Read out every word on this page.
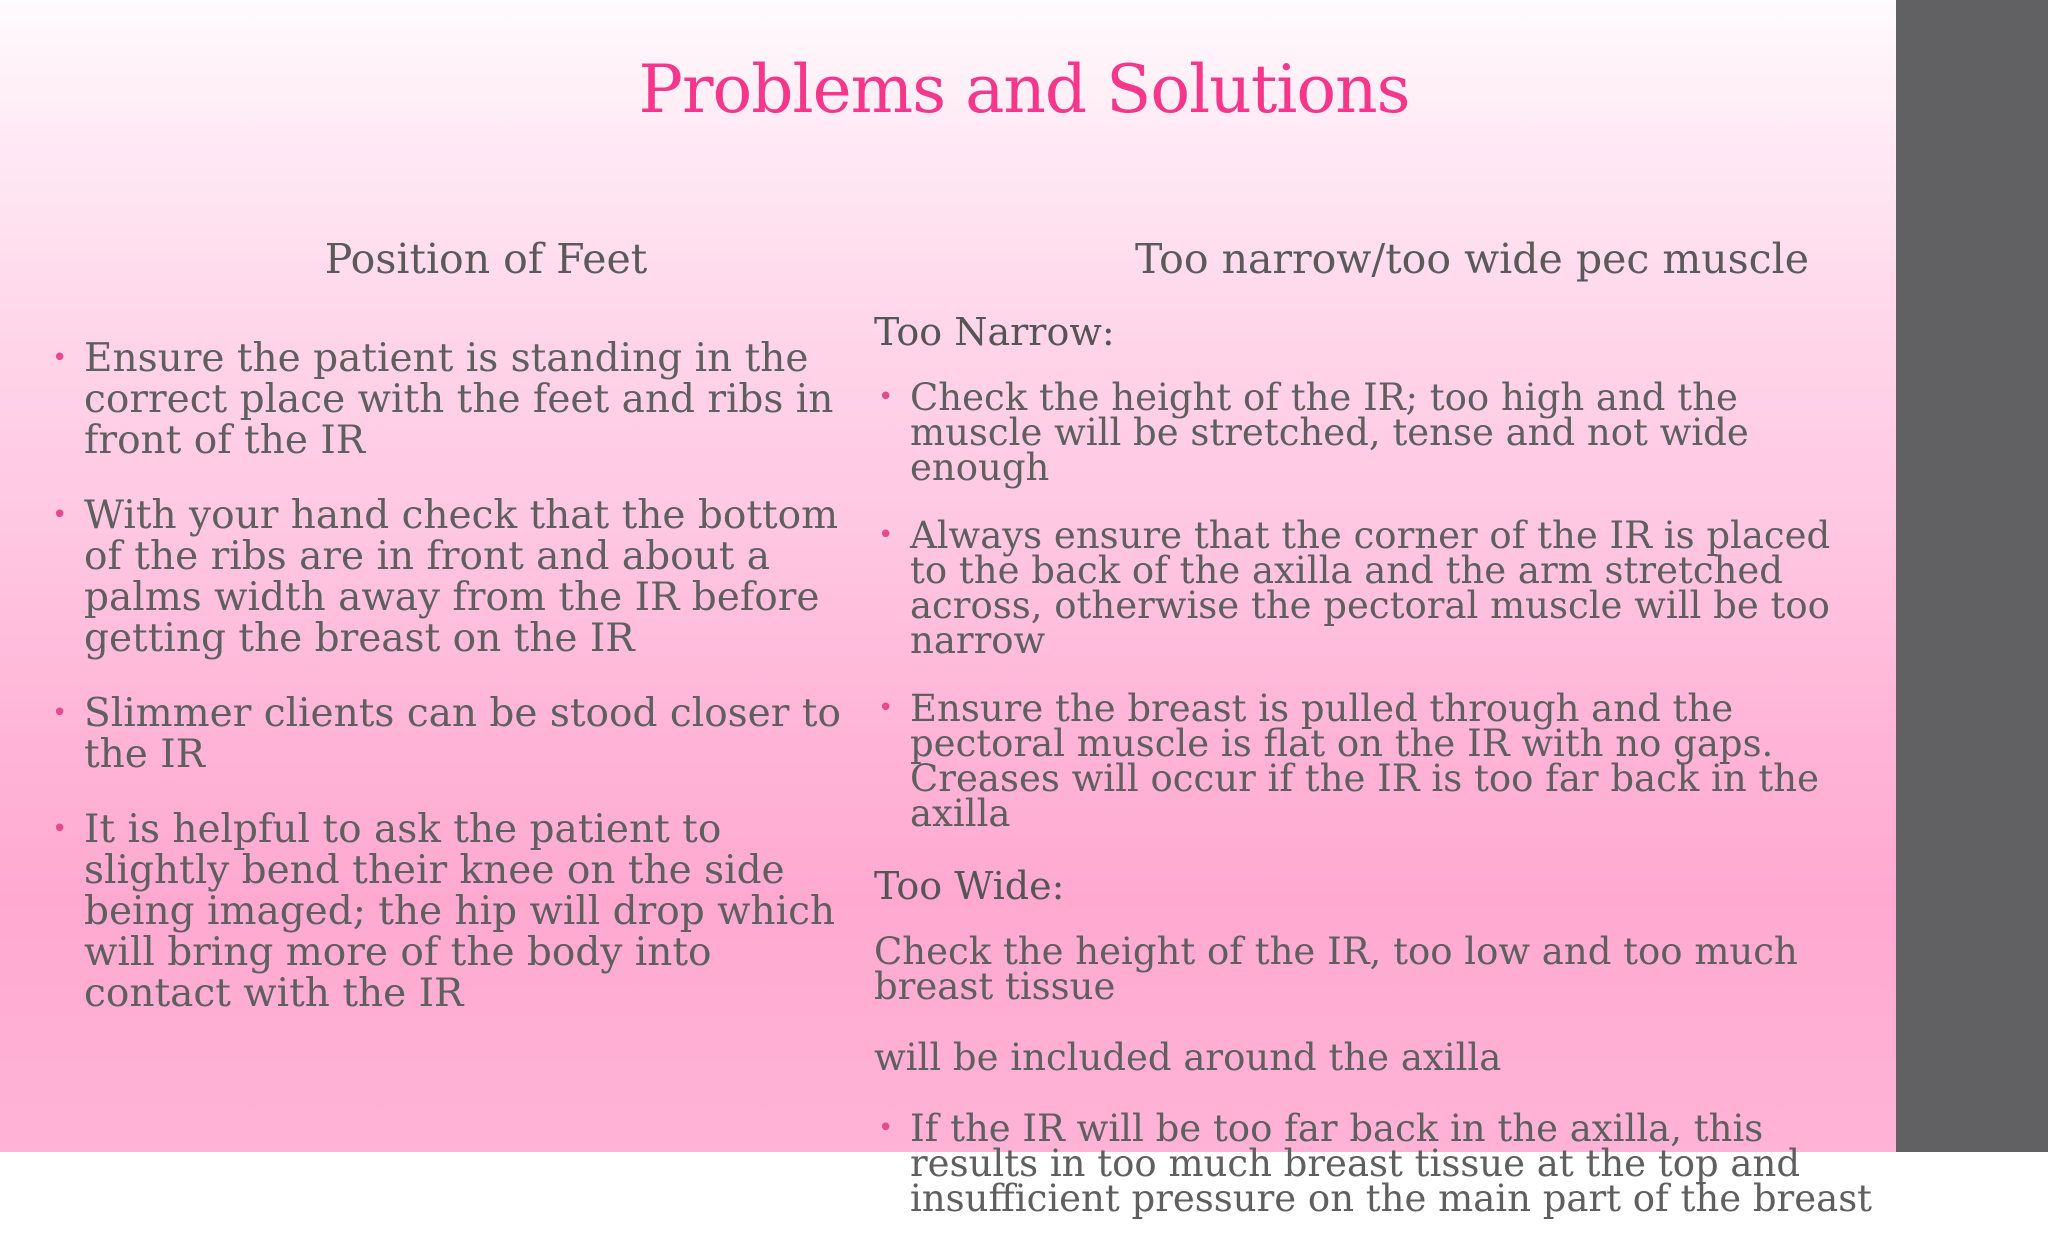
Problems and Solutions
Position of Feet	Too narrow/too wide pec muscle
• Ensure the patient is standing in the correct place with the feet and ribs in front of the IR
• With your hand check that the bottom of the ribs are in front and about a palms width away from the IR before getting the breast on the IR
• Slimmer clients can be stood closer to the IR
• It is helpful to ask the patient to slightly bend their knee on the side being imaged; the hip will drop which will bring more of the body into contact with the IR
Too Narrow:
• Check the height of the IR; too high and the muscle will be stretched, tense and not wide enough
• Always ensure that the corner of the IR is placed to the back of the axilla and the arm stretched across, otherwise the pectoral muscle will be too narrow
• Ensure the breast is pulled through and the pectoral muscle is flat on the IR with no gaps. Creases will occur if the IR is too far back in the axilla
Too Wide:
Check the height of the IR, too low and too much breast tissue
will be included around the axilla
• If the IR will be too far back in the axilla, this results in too much breast tissue at the top and insufficient pressure on the main part of the breast
